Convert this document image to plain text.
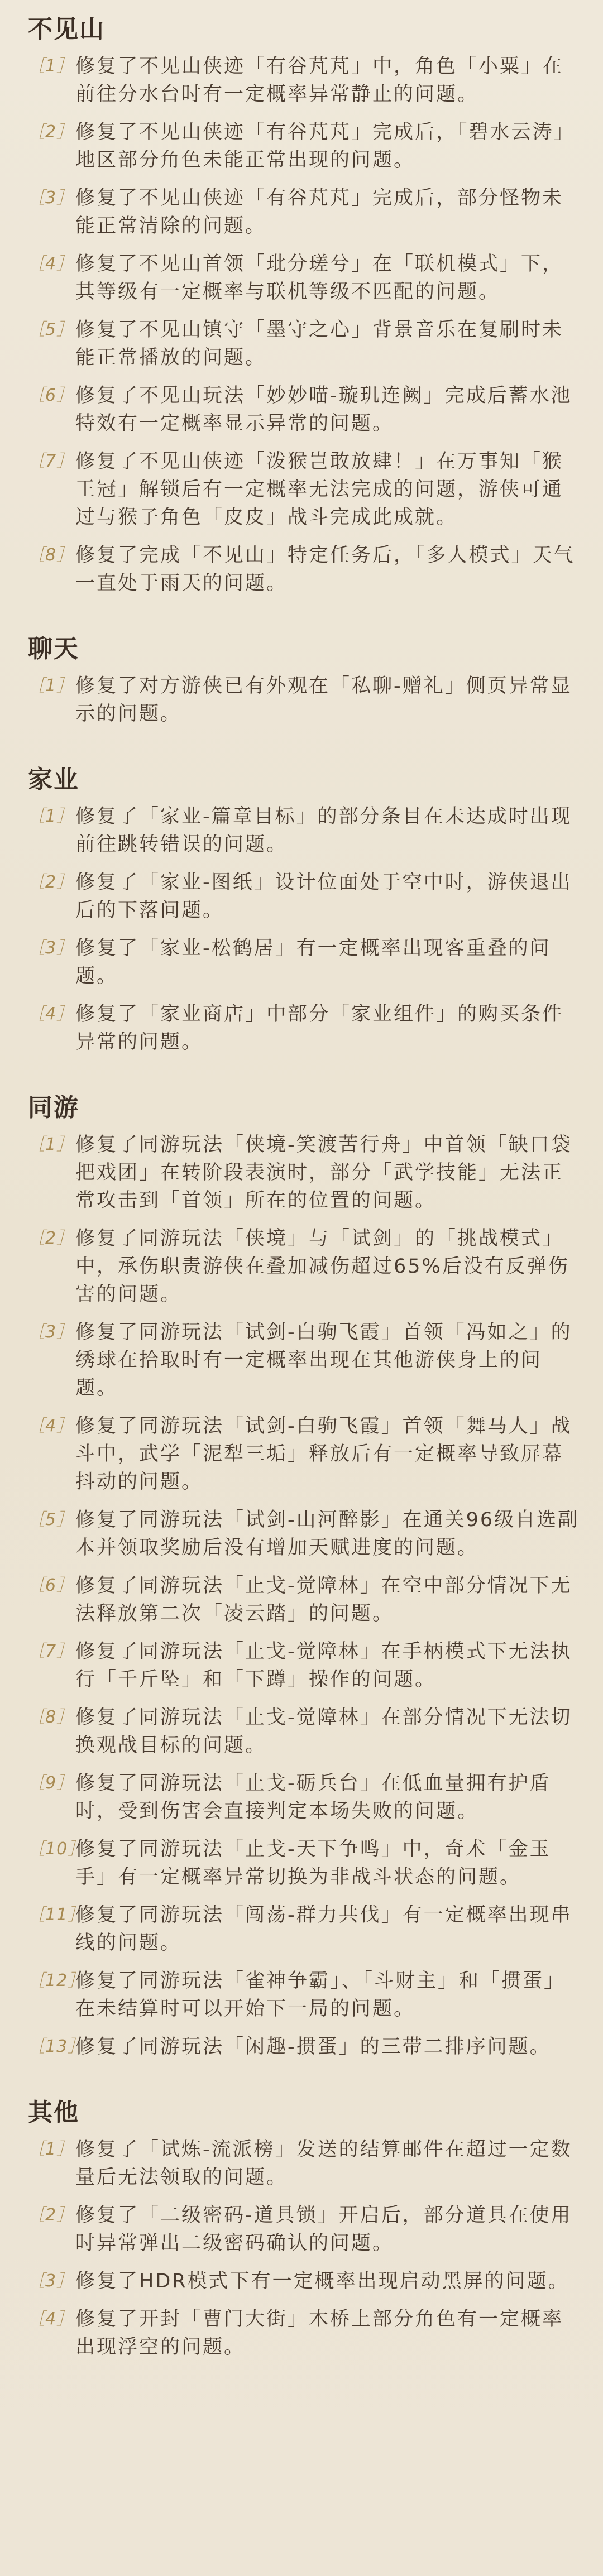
不见山
［1］ 修复了不见山侠迹「有谷芃芃」中，角色「小粟」在前往分水台时有一定概率异常静止的问题。
［2］ 修复了不见山侠迹「有谷芃芃」完成后，「碧水云涛」地区部分角色未能正常出现的问题。
［3］ 修复了不见山侠迹「有谷芃芃」完成后，部分怪物未能正常清除的问题。
［4］ 修复了不见山首领「玭分瑳兮」在「联机模式」下，其等级有一定概率与联机等级不匹配的问题。
［5］ 修复了不见山镇守「墨守之心」背景音乐在复刷时未能正常播放的问题。
［6］ 修复了不见山玩法「妙妙喵-璇玑连阙」完成后蓄水池特效有一定概率显示异常的问题。
［7］ 修复了不见山侠迹「泼猴岂敢放肆！」在万事知「猴王冠」解锁后有一定概率无法完成的问题，游侠可通过与猴子角色「皮皮」战斗完成此成就。
［8］ 修复了完成「不见山」特定任务后，「多人模式」天气一直处于雨天的问题。
聊天
［1］ 修复了对方游侠已有外观在「私聊-赠礼」侧页异常显示的问题。
家业
［1］ 修复了「家业-篇章目标」的部分条目在未达成时出现前往跳转错误的问题。
［2］ 修复了「家业-图纸」设计位面处于空中时，游侠退出后的下落问题。
［3］ 修复了「家业-松鹤居」有一定概率出现客重叠的问题。
［4］ 修复了「家业商店」中部分「家业组件」的购买条件异常的问题。
同游
［1］ 修复了同游玩法「侠境-笑渡苦行舟」中首领「缺口袋把戏团」在转阶段表演时，部分「武学技能」无法正常攻击到「首领」所在的位置的问题。
［2］ 修复了同游玩法「侠境」与「试剑」的「挑战模式」中，承伤职责游侠在叠加减伤超过65%后没有反弹伤害的问题。
［3］ 修复了同游玩法「试剑-白驹飞霞」首领「冯如之」的绣球在拾取时有一定概率出现在其他游侠身上的问题。
［4］ 修复了同游玩法「试剑-白驹飞霞」首领「舞马人」战斗中，武学「泥犁三垢」释放后有一定概率导致屏幕抖动的问题。
［5］ 修复了同游玩法「试剑-山河醉影」在通关96级自选副本并领取奖励后没有增加天赋进度的问题。
［6］ 修复了同游玩法「止戈-觉障林」在空中部分情况下无法释放第二次「凌云踏」的问题。
［7］ 修复了同游玩法「止戈-觉障林」在手柄模式下无法执行「千斤坠」和「下蹲」操作的问题。
［8］ 修复了同游玩法「止戈-觉障林」在部分情况下无法切换观战目标的问题。
［9］ 修复了同游玩法「止戈-砺兵台」在低血量拥有护盾时，受到伤害会直接判定本场失败的问题。
［10］
修复了同游玩法「止戈-天下争鸣」中，奇术「金玉手」有一定概率异常切换为非战斗状态的问题。
［11］
修复了同游玩法「闯荡-群力共伐」有一定概率出现串线的问题。
［12］
修复了同游玩法「雀神争霸」、「斗财主」和「掼蛋」在未结算时可以开始下一局的问题。
［13］
修复了同游玩法「闲趣-掼蛋」的三带二排序问题。
其他
［1］ 修复了「试炼-流派榜」发送的结算邮件在超过一定数量后无法领取的问题。
［2］ 修复了「二级密码-道具锁」开启后，部分道具在使用时异常弹出二级密码确认的问题。
［3］ 修复了HDR模式下有一定概率出现启动黑屏的问题。
［4］ 修复了开封「曹门大街」木桥上部分角色有一定概率出现浮空的问题。
